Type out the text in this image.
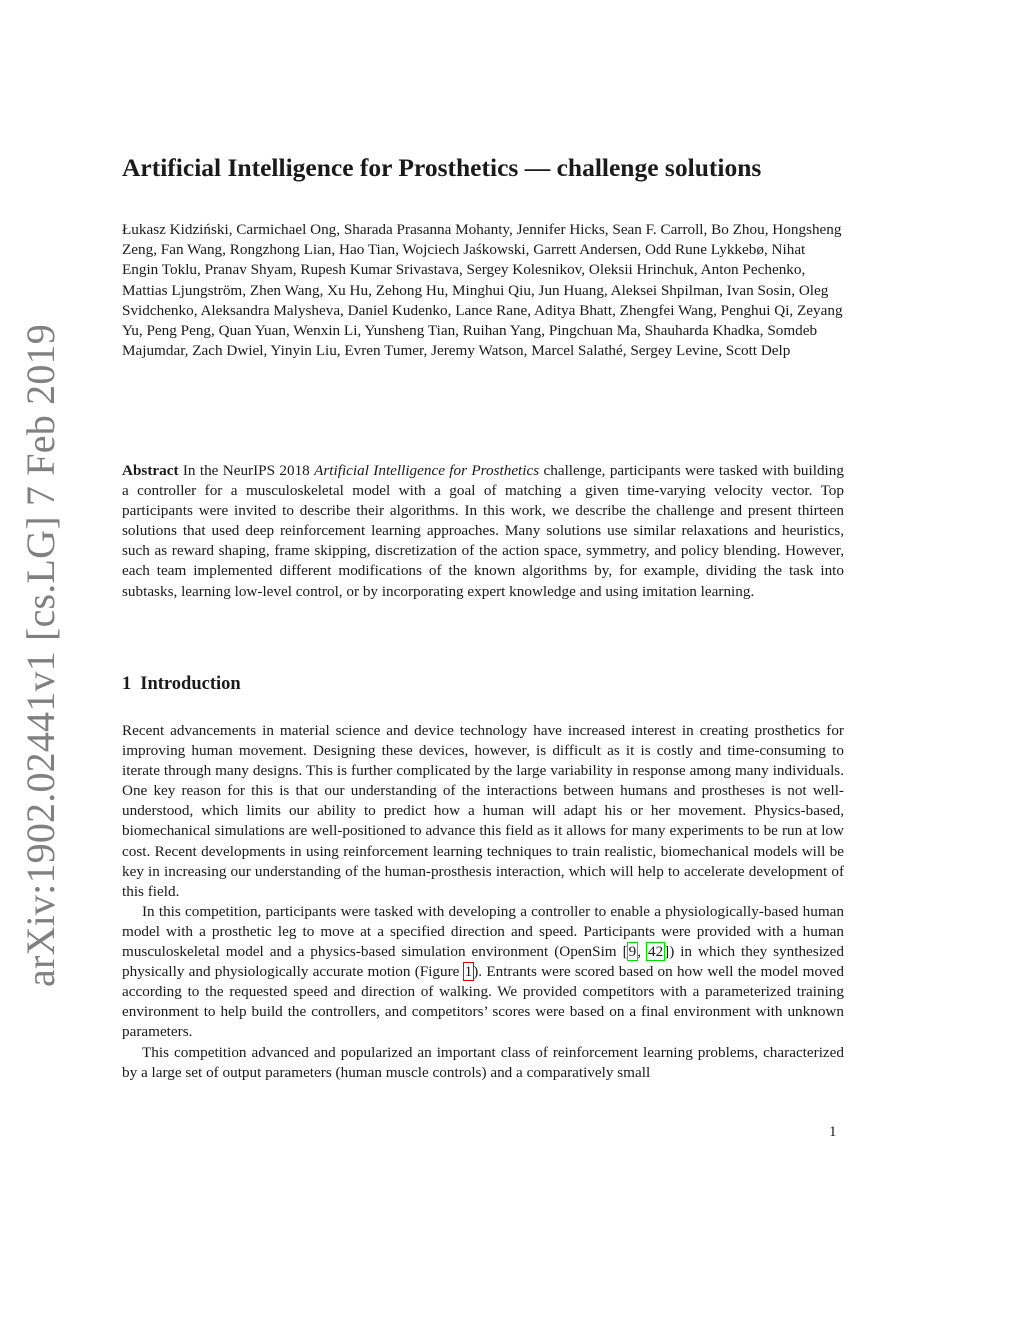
arXiv:1902.02441v1 [cs.LG] 7 Feb 2019
Artificial Intelligence for Prosthetics — challenge solutions

Łukasz Kidziński, Carmichael Ong, Sharada Prasanna Mohanty, Jennifer Hicks, Sean F. Carroll, Bo Zhou, Hongsheng Zeng, Fan Wang, Rongzhong Lian, Hao Tian, Wojciech Jaśkowski, Garrett Andersen, Odd Rune Lykkebø, Nihat Engin Toklu, Pranav Shyam, Rupesh Kumar Srivastava, Sergey Kolesnikov, Oleksii Hrinchuk, Anton Pechenko, Mattias Ljungström, Zhen Wang, Xu Hu, Zehong Hu, Minghui Qiu, Jun Huang, Aleksei Shpilman, Ivan Sosin, Oleg Svidchenko, Aleksandra Malysheva, Daniel Kudenko, Lance Rane, Aditya Bhatt, Zhengfei Wang, Penghui Qi, Zeyang Yu, Peng Peng, Quan Yuan, Wenxin Li, Yunsheng Tian, Ruihan Yang, Pingchuan Ma, Shauharda Khadka, Somdeb Majumdar, Zach Dwiel, Yinyin Liu, Evren Tumer, Jeremy Watson, Marcel Salathé, Sergey Levine, Scott Delp

Abstract In the NeurIPS 2018 Artificial Intelligence for Prosthetics challenge, participants were tasked with building a controller for a musculoskeletal model with a goal of matching a given time-varying velocity vector. Top participants were invited to describe their algorithms. In this work, we describe the challenge and present thirteen solutions that used deep reinforcement learning approaches. Many solutions use similar relaxations and heuristics, such as reward shaping, frame skipping, discretization of the action space, symmetry, and policy blending. However, each team implemented different modifications of the known algorithms by, for example, dividing the task into subtasks, learning low-level control, or by incorporating expert knowledge and using imitation learning.

1 Introduction

Recent advancements in material science and device technology have increased interest in creating prosthetics for improving human movement. Designing these devices, however, is difficult as it is costly and time-consuming to iterate through many designs. This is further complicated by the large variability in response among many individuals. One key reason for this is that our understanding of the interactions between humans and prostheses is not well-understood, which limits our ability to predict how a human will adapt his or her movement. Physics-based, biomechanical simulations are well-positioned to advance this field as it allows for many experiments to be run at low cost. Recent developments in using reinforcement learning techniques to train realistic, biomechanical models will be key in increasing our understanding of the human-prosthesis interaction, which will help to accelerate development of this field.

In this competition, participants were tasked with developing a controller to enable a physiologically-based human model with a prosthetic leg to move at a specified direction and speed. Participants were provided with a human musculoskeletal model and a physics-based simulation environment (OpenSim [9, 42]) in which they synthesized physically and physiologically accurate motion (Figure 1). Entrants were scored based on how well the model moved according to the requested speed and direction of walking. We provided competitors with a parameterized training environment to help build the controllers, and competitors’ scores were based on a final environment with unknown parameters.

This competition advanced and popularized an important class of reinforcement learning problems, characterized by a large set of output parameters (human muscle controls) and a comparatively small

1
